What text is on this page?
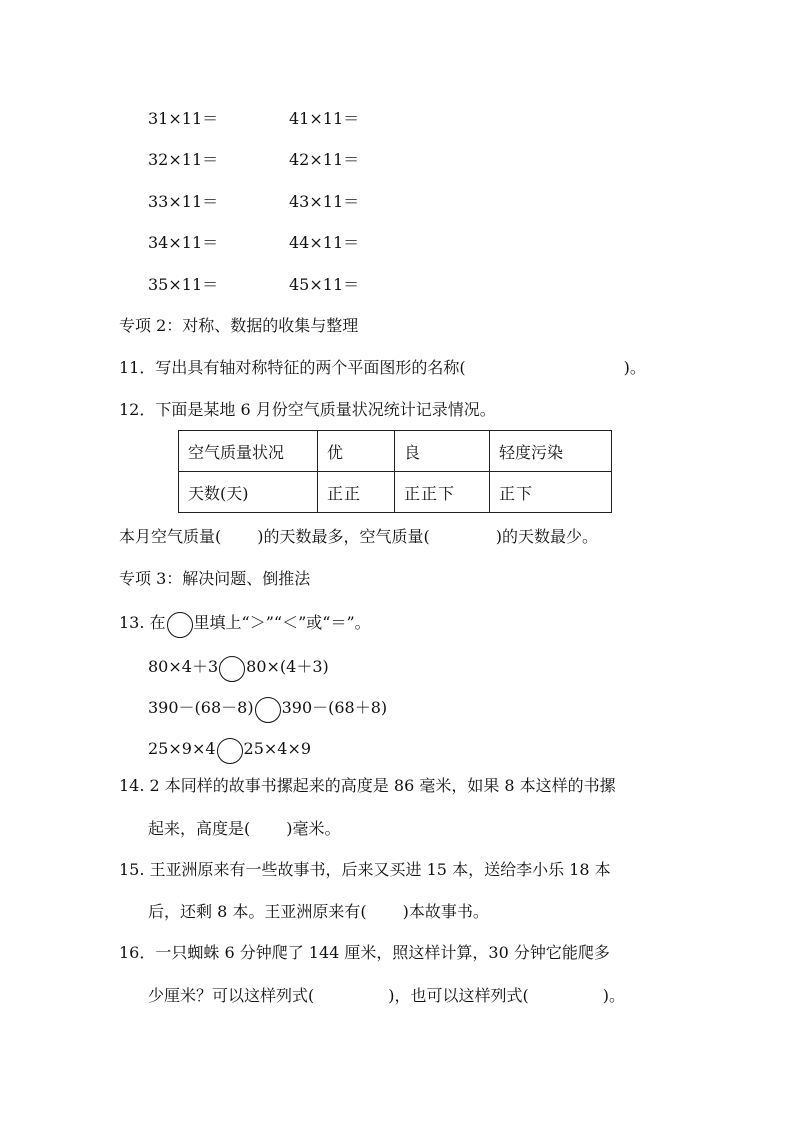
31×11＝	41×11＝
32×11＝	42×11＝
33×11＝	43×11＝
34×11＝	44×11＝
35×11＝	45×11＝
专项 2：对称、数据的收集与整理
11．写出具有轴对称特征的两个平面图形的名称(	)。
12．下面是某地 6 月份空气质量状况统计记录情况。
空气质量状况	优	良	轻度污染
天数(天)	正正	正正下	正下
本月空气质量( )的天数最多，空气质量(	)的天数最少。
专项 3：解决问题、倒推法
13. 在 里填上“＞”“＜”或“＝”。
80×4＋3 80×(4＋3)
390－(68－8) 390－(68＋8)
25×9×4 25×4×9
14. 2 本同样的故事书摞起来的高度是 86 毫米，如果 8 本这样的书摞
起来，高度是( )毫米。
15. 王亚洲原来有一些故事书，后来又买进 15 本，送给李小乐 18 本
后，还剩 8 本。王亚洲原来有( )本故事书。
16．一只蜘蛛 6 分钟爬了 144 厘米，照这样计算，30 分钟它能爬多
少厘米？可以这样列式(	)，也可以这样列式(	)。
